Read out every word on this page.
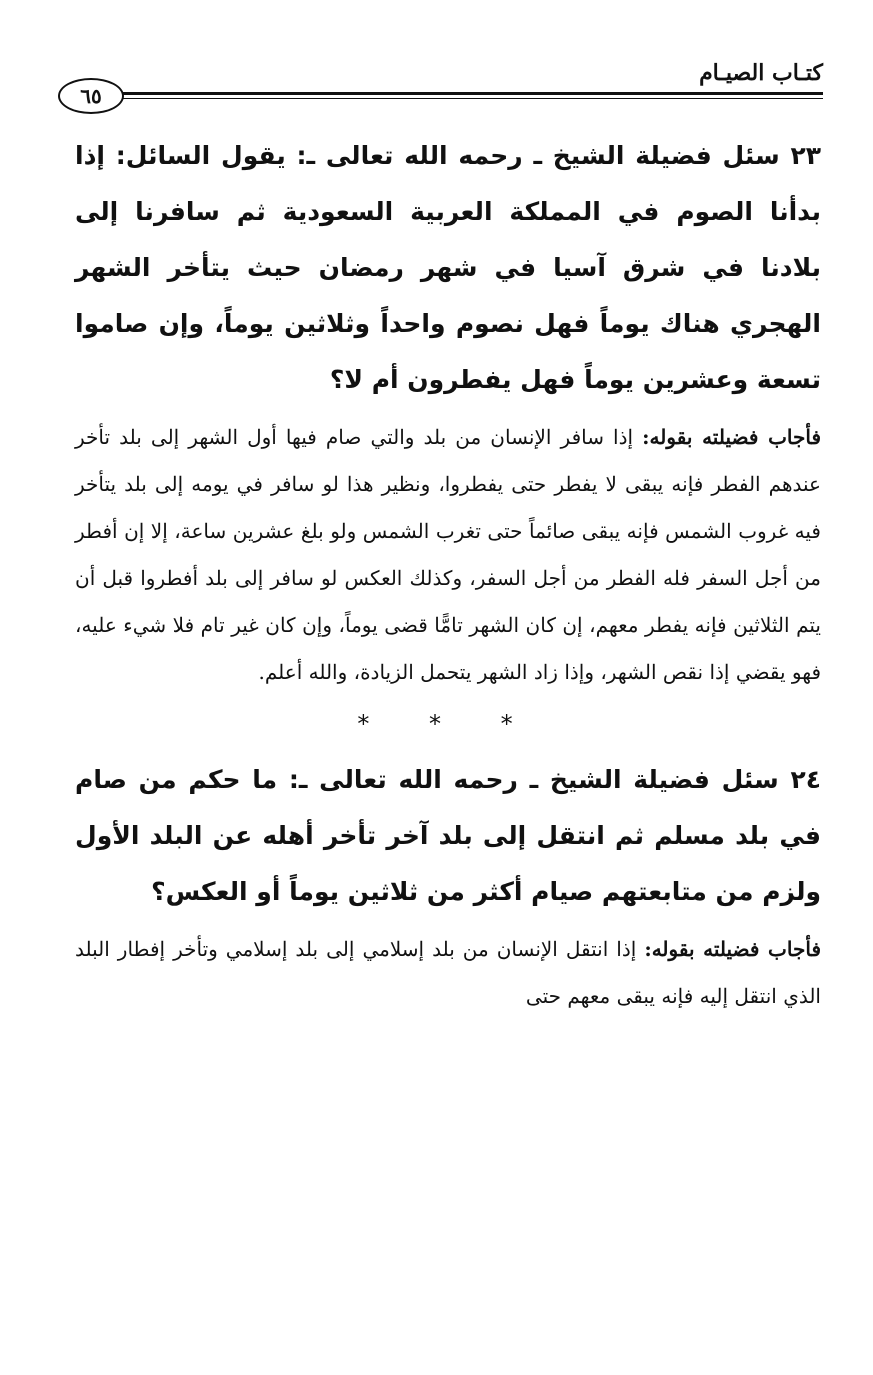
كتـاب الصيـام
٦٥

٢٣ سئل فضيلة الشيخ ـ رحمه الله تعالى ـ: يقول السائل: إذا بدأنا الصوم في المملكة العربية السعودية ثم سافرنا إلى بلادنا في شرق آسيا في شهر رمضان حيث يتأخر الشهر الهجري هناك يوماً فهل نصوم واحداً وثلاثين يوماً، وإن صاموا تسعة وعشرين يوماً فهل يفطرون أم لا؟

فأجاب فضيلته بقوله: إذا سافر الإنسان من بلد والتي صام فيها أول الشهر إلى بلد تأخر عندهم الفطر فإنه يبقى لا يفطر حتى يفطروا، ونظير هذا لو سافر في يومه إلى بلد يتأخر فيه غروب الشمس فإنه يبقى صائماً حتى تغرب الشمس ولو بلغ عشرين ساعة، إلا إن أفطر من أجل السفر فله الفطر من أجل السفر، وكذلك العكس لو سافر إلى بلد أفطروا قبل أن يتم الثلاثين فإنه يفطر معهم، إن كان الشهر تامًّا قضى يوماً، وإن كان غير تام فلا شيء عليه، فهو يقضي إذا نقص الشهر، وإذا زاد الشهر يتحمل الزيادة، والله أعلم.

* * *

٢٤ سئل فضيلة الشيخ ـ رحمه الله تعالى ـ: ما حكم من صام في بلد مسلم ثم انتقل إلى بلد آخر تأخر أهله عن البلد الأول ولزم من متابعتهم صيام أكثر من ثلاثين يوماً أو العكس؟

فأجاب فضيلته بقوله: إذا انتقل الإنسان من بلد إسلامي إلى بلد إسلامي وتأخر إفطار البلد الذي انتقل إليه فإنه يبقى معهم حتى
